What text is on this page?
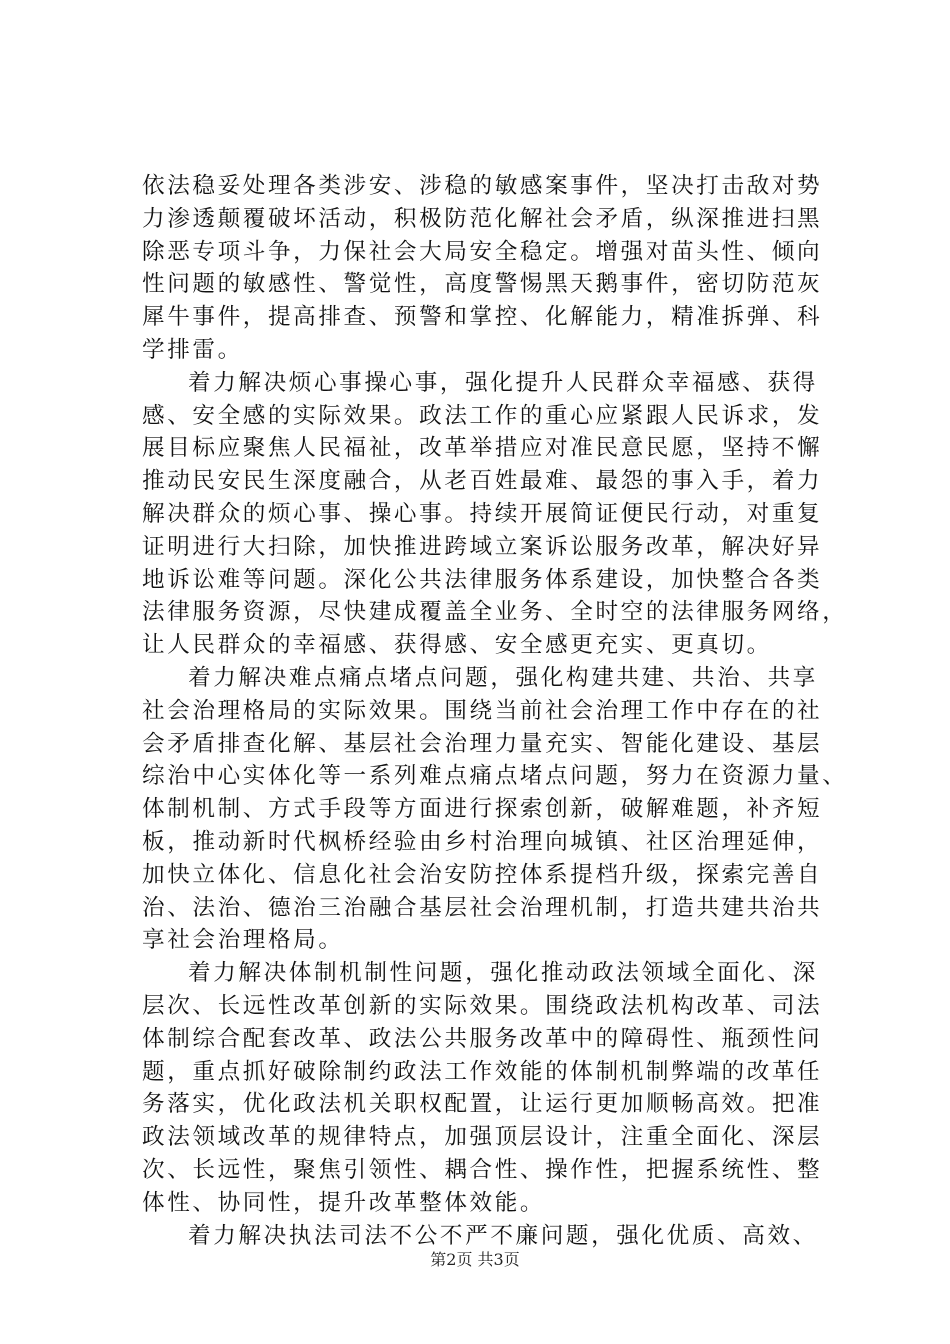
依法稳妥处理各类涉安、涉稳的敏感案事件，坚决打击敌对势
力渗透颠覆破坏活动，积极防范化解社会矛盾，纵深推进扫黑
除恶专项斗争，力保社会大局安全稳定。增强对苗头性、倾向
性问题的敏感性、警觉性，高度警惕黑天鹅事件，密切防范灰
犀牛事件，提高排查、预警和掌控、化解能力，精准拆弹、科
学排雷。
着力解决烦心事操心事，强化提升人民群众幸福感、获得
感、安全感的实际效果。政法工作的重心应紧跟人民诉求，发
展目标应聚焦人民福祉，改革举措应对准民意民愿，坚持不懈
推动民安民生深度融合，从老百姓最难、最怨的事入手，着力
解决群众的烦心事、操心事。持续开展简证便民行动，对重复
证明进行大扫除，加快推进跨域立案诉讼服务改革，解决好异
地诉讼难等问题。深化公共法律服务体系建设，加快整合各类
法律服务资源，尽快建成覆盖全业务、全时空的法律服务网络，
让人民群众的幸福感、获得感、安全感更充实、更真切。
着力解决难点痛点堵点问题，强化构建共建、共治、共享
社会治理格局的实际效果。围绕当前社会治理工作中存在的社
会矛盾排查化解、基层社会治理力量充实、智能化建设、基层
综治中心实体化等一系列难点痛点堵点问题，努力在资源力量、
体制机制、方式手段等方面进行探索创新，破解难题，补齐短
板，推动新时代枫桥经验由乡村治理向城镇、社区治理延伸，
加快立体化、信息化社会治安防控体系提档升级，探索完善自
治、法治、德治三治融合基层社会治理机制，打造共建共治共
享社会治理格局。
着力解决体制机制性问题，强化推动政法领域全面化、深
层次、长远性改革创新的实际效果。围绕政法机构改革、司法
体制综合配套改革、政法公共服务改革中的障碍性、瓶颈性问
题，重点抓好破除制约政法工作效能的体制机制弊端的改革任
务落实，优化政法机关职权配置，让运行更加顺畅高效。把准
政法领域改革的规律特点，加强顶层设计，注重全面化、深层
次、长远性，聚焦引领性、耦合性、操作性，把握系统性、整
体性、协同性，提升改革整体效能。
着力解决执法司法不公不严不廉问题，强化优质、高效、
第2页 共3页
